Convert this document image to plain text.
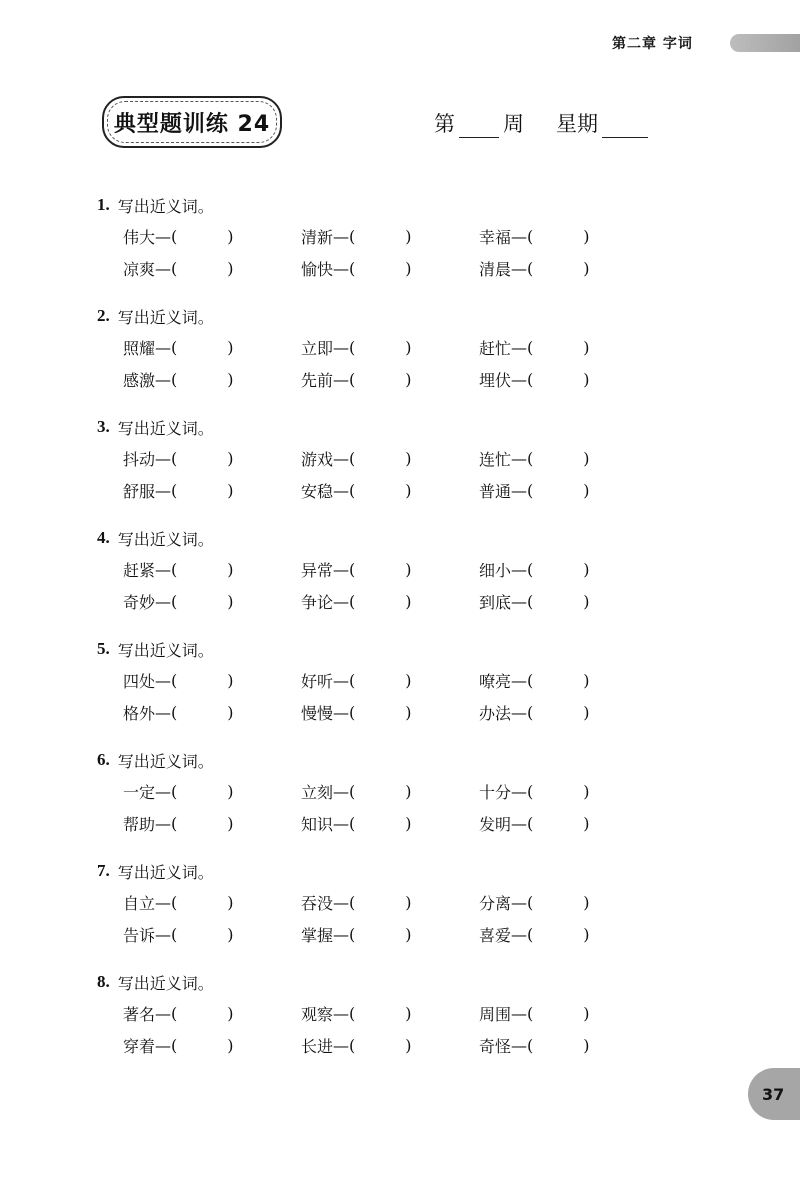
第二章 字词
典型题训练 24	第 周 星期
1. 写出近义词。
伟大 — (	)	清新 — (	)	幸福 — (	)
凉爽 — (	)	愉快 — (	)	清晨 — (	)
2. 写出近义词。
照耀 — (	)	立即 — (	)	赶忙 — (	)
感激 — (	)	先前 — (	)	埋伏 — (	)
3. 写出近义词。
抖动 — (	)	游戏 — (	)	连忙 — (	)
舒服 — (	)	安稳 — (	)	普通 — (	)
4. 写出近义词。
赶紧 — (	)	异常 — (	)	细小 — (	)
奇妙 — (	)	争论 — (	)	到底 — (	)
5. 写出近义词。
四处 — (	)	好听 — (	)	嘹亮 — (	)
格外 — (	)	慢慢 — (	)	办法 — (	)
6. 写出近义词。
一定 — (	)	立刻 — (	)	十分 — (	)
帮助 — (	)	知识 — (	)	发明 — (	)
7. 写出近义词。
自立 — (	)	吞没 — (	)	分离 — (	)
告诉 — (	)	掌握 — (	)	喜爱 — (	)
8. 写出近义词。
著名 — (	)	观察 — (	)	周围 — (	)
穿着 — (	)	长进 — (	)	奇怪 — (	)
37
